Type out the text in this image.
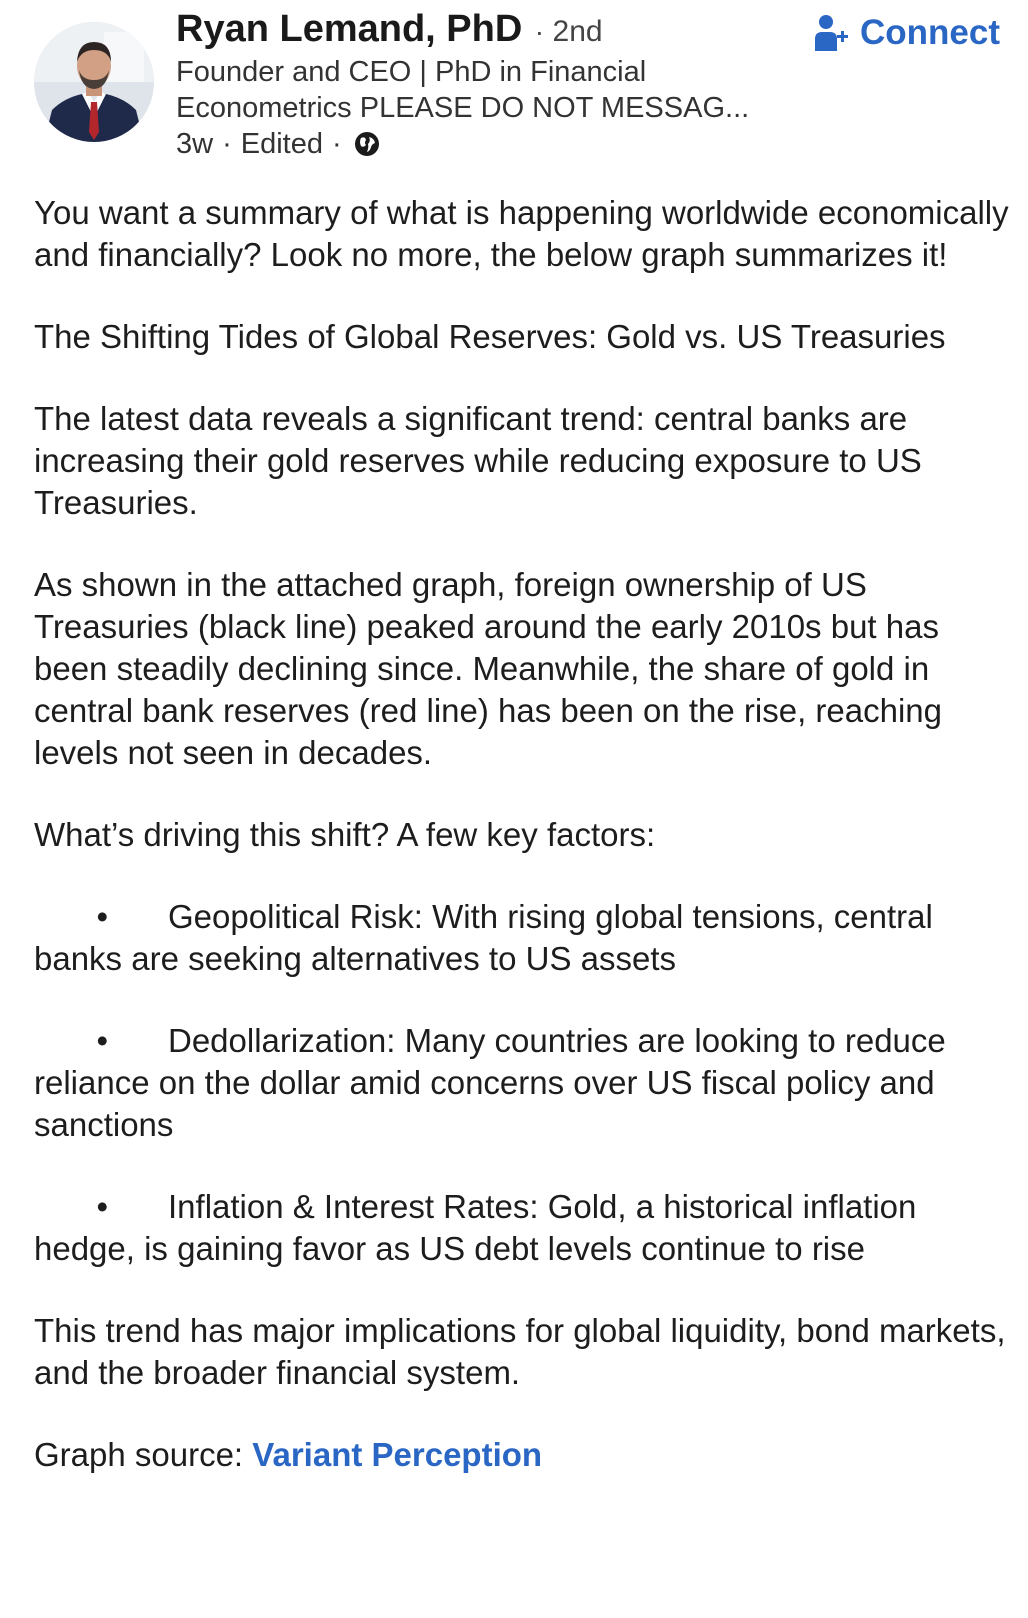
Ryan Lemand, PhD · 2nd
Founder and CEO | PhD in Financial Econometrics PLEASE DO NOT MESSAG...
3w · Edited ·
Connect

You want a summary of what is happening worldwide economically and financially? Look no more, the below graph summarizes it!

The Shifting Tides of Global Reserves: Gold vs. US Treasuries

The latest data reveals a significant trend: central banks are increasing their gold reserves while reducing exposure to US Treasuries.

As shown in the attached graph, foreign ownership of US Treasuries (black line) peaked around the early 2010s but has been steadily declining since. Meanwhile, the share of gold in central bank reserves (red line) has been on the rise, reaching levels not seen in decades.

What’s driving this shift? A few key factors:

• Geopolitical Risk: With rising global tensions, central banks are seeking alternatives to US assets
• Dedollarization: Many countries are looking to reduce reliance on the dollar amid concerns over US fiscal policy and sanctions
• Inflation & Interest Rates: Gold, a historical inflation hedge, is gaining favor as US debt levels continue to rise

This trend has major implications for global liquidity, bond markets, and the broader financial system.

Graph source: Variant Perception
